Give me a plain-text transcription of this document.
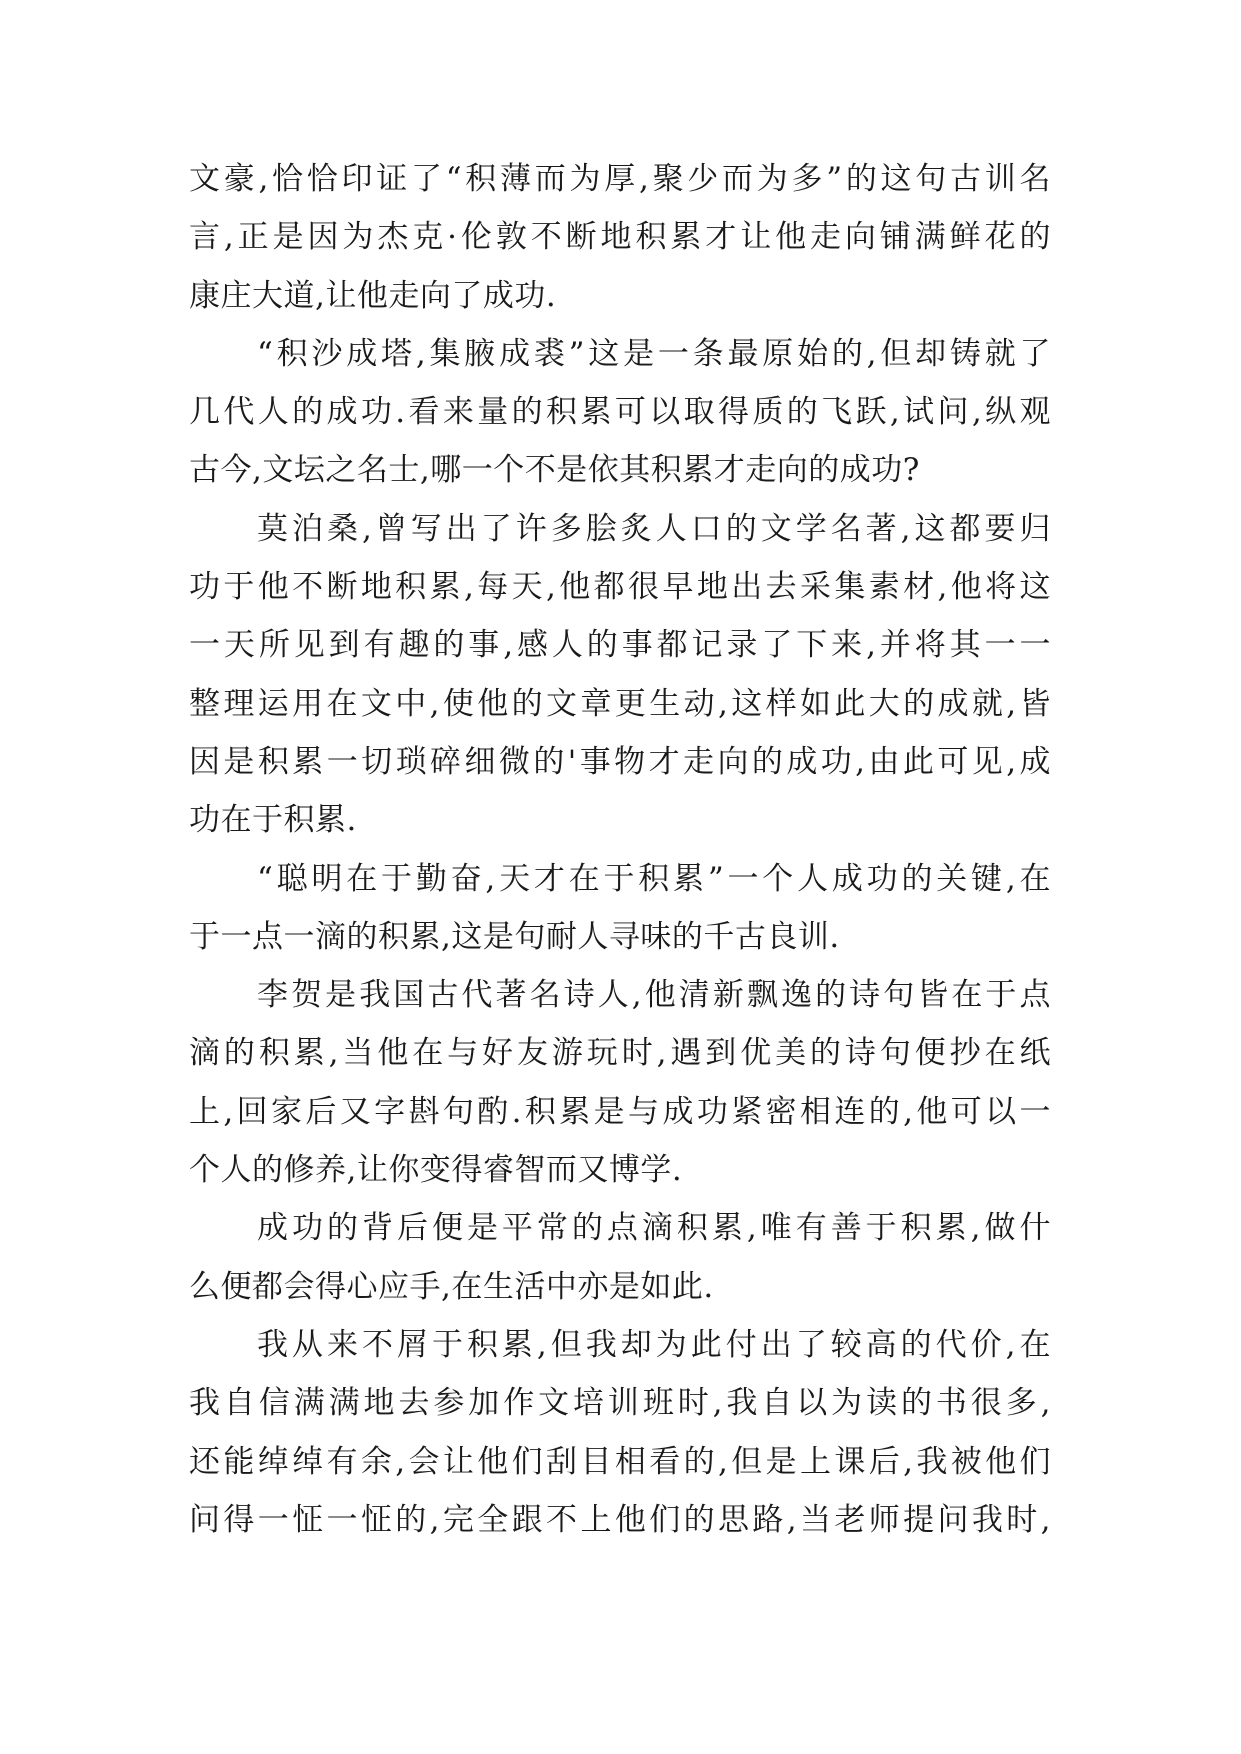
文豪,恰恰印证了“积薄而为厚,聚少而为多”的这句古训名
言,正是因为杰克·伦敦不断地积累才让他走向铺满鲜花的
康庄大道,让他走向了成功.
“积沙成塔,集腋成裘”这是一条最原始的,但却铸就了
几代人的成功.看来量的积累可以取得质的飞跃,试问,纵观
古今,文坛之名士,哪一个不是依其积累才走向的成功?
莫泊桑,曾写出了许多脍炙人口的文学名著,这都要归
功于他不断地积累,每天,他都很早地出去采集素材,他将这
一天所见到有趣的事,感人的事都记录了下来,并将其一一
整理运用在文中,使他的文章更生动,这样如此大的成就,皆
因是积累一切琐碎细微的'事物才走向的成功,由此可见,成
功在于积累.
“聪明在于勤奋,天才在于积累”一个人成功的关键,在
于一点一滴的积累,这是句耐人寻味的千古良训.
李贺是我国古代著名诗人,他清新飘逸的诗句皆在于点
滴的积累,当他在与好友游玩时,遇到优美的诗句便抄在纸
上,回家后又字斟句酌.积累是与成功紧密相连的,他可以一
个人的修养,让你变得睿智而又博学.
成功的背后便是平常的点滴积累,唯有善于积累,做什
么便都会得心应手,在生活中亦是如此.
我从来不屑于积累,但我却为此付出了较高的代价,在
我自信满满地去参加作文培训班时,我自以为读的书很多,
还能绰绰有余,会让他们刮目相看的,但是上课后,我被他们
问得一怔一怔的,完全跟不上他们的思路,当老师提问我时,
